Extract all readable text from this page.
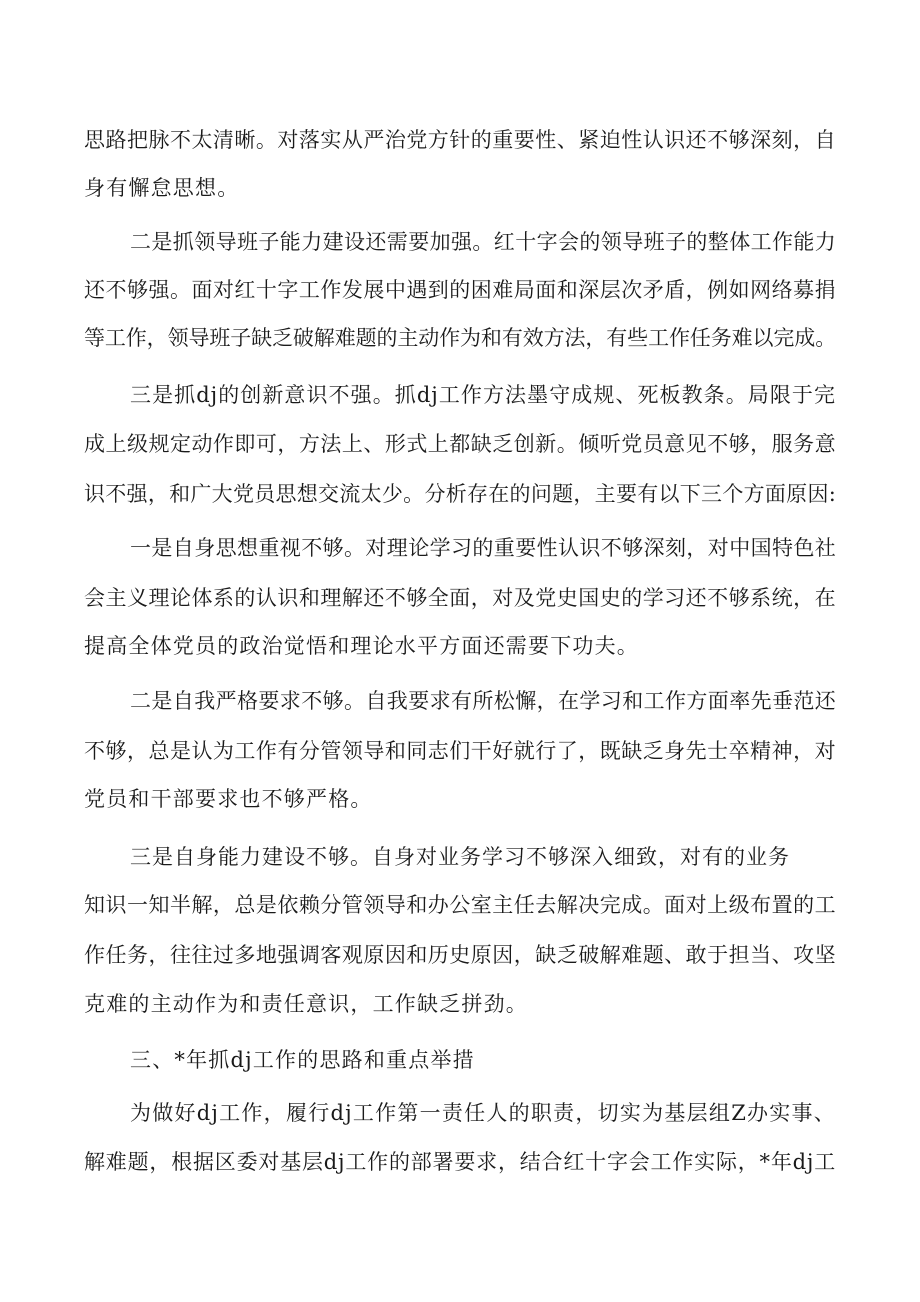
思路把脉不太清晰。对落实从严治党方针的重要性、紧迫性认识还不够深刻，自
身有懈怠思想。
二是抓领导班子能力建设还需要加强。红十字会的领导班子的整体工作能力
还不够强。面对红十字工作发展中遇到的困难局面和深层次矛盾，例如网络募捐
等工作，领导班子缺乏破解难题的主动作为和有效方法，有些工作任务难以完成。
三是抓dj的创新意识不强。抓dj工作方法墨守成规、死板教条。局限于完
成上级规定动作即可，方法上、形式上都缺乏创新。倾听党员意见不够，服务意
识不强，和广大党员思想交流太少。分析存在的问题，主要有以下三个方面原因:
一是自身思想重视不够。对理论学习的重要性认识不够深刻，对中国特色社
会主义理论体系的认识和理解还不够全面，对及党史国史的学习还不够系统，在
提高全体党员的政治觉悟和理论水平方面还需要下功夫。
二是自我严格要求不够。自我要求有所松懈，在学习和工作方面率先垂范还
不够，总是认为工作有分管领导和同志们干好就行了，既缺乏身先士卒精神，对
党员和干部要求也不够严格。
三是自身能力建设不够。自身对业务学习不够深入细致，对有的业务
知识一知半解，总是依赖分管领导和办公室主任去解决完成。面对上级布置的工
作任务，往往过多地强调客观原因和历史原因，缺乏破解难题、敢于担当、攻坚
克难的主动作为和责任意识，工作缺乏拼劲。
三、*年抓dj工作的思路和重点举措
为做好dj工作，履行dj工作第一责任人的职责，切实为基层组Z办实事、
解难题，根据区委对基层dj工作的部署要求，结合红十字会工作实际，*年dj工
